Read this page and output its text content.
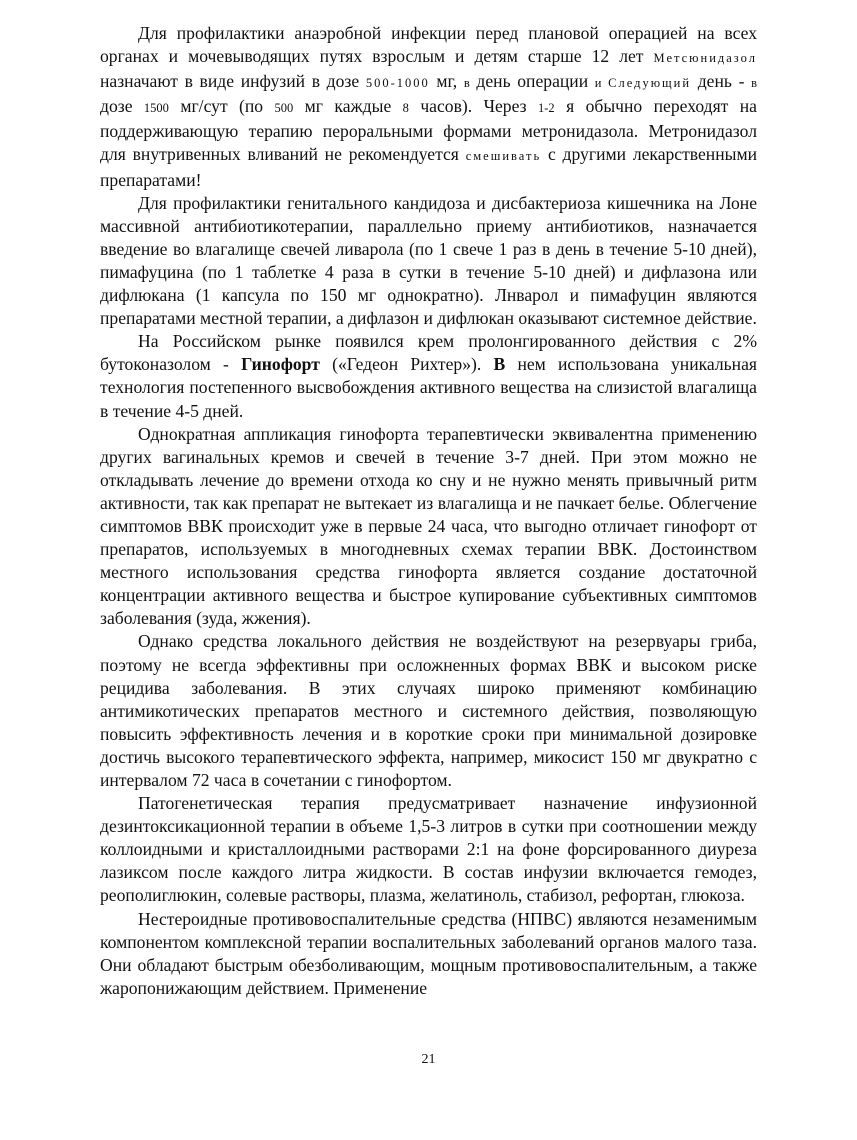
Для профилактики анаэробной инфекции перед плановой операцией на всех органах и мочевыводящих путях взрослым и детям старше 12 лет Метсюнидазол назначают в виде инфузий в дозе 500-1000 мг, в день операции и Следующий день - в дозе 1500 мг/сут (по 500 мг каждые 8 часов). Через 1-2 я обычно переходят на поддерживающую терапию пероральными формами метронидазола. Метронидазол для внутривенных вливаний не рекомендуется смешивать с другими лекарственными препаратами!

Для профилактики генитального кандидоза и дисбактериоза кишечника на Лоне массивной антибиотикотерапии, параллельно приему антибиотиков, назначается введение во влагалище свечей ливарола (по 1 свече 1 раз в день в течение 5-10 дней), пимафуцина (по 1 таблетке 4 раза в сутки в течение 5-10 дней) и дифлазона или дифлюкана (1 капсула по 150 мг однократно). Лнварол и пимафуцин являются препаратами местной терапии, а дифлазон и дифлюкан оказывают системное действие.

На Российском рынке появился крем пролонгированного действия с 2% бутоконазолом - Гинофорт («Гедеон Рихтер»). В нем использована уникальная технология постепенного высвобождения активного вещества на слизистой влагалища в течение 4-5 дней.

Однократная аппликация гинофорта терапевтически эквивалентна применению других вагинальных кремов и свечей в течение 3-7 дней. При этом можно не откладывать лечение до времени отхода ко сну и не нужно менять привычный ритм активности, так как препарат не вытекает из влагалища и не пачкает белье. Облегчение симптомов ВВК происходит уже в первые 24 часа, что выгодно отличает гинофорт от препаратов, используемых в многодневных схемах терапии ВВК. Достоинством местного использования средства гинофорта является создание достаточной концентрации активного вещества и быстрое купирование субъективных симптомов заболевания (зуда, жжения).

Однако средства локального действия не воздействуют на резервуары гриба, поэтому не всегда эффективны при осложненных формах ВВК и высоком риске рецидива заболевания. В этих случаях широко применяют комбинацию антимикотических препаратов местного и системного действия, позволяющую повысить эффективность лечения и в короткие сроки при минимальной дозировке достичь высокого терапевтического эффекта, например, микосист 150 мг двукратно с интервалом 72 часа в сочетании с гинофортом.

Патогенетическая терапия предусматривает назначение инфузионной дезинтоксикационной терапии в объеме 1,5-3 литров в сутки при соотношении между коллоидными и кристаллоидными растворами 2:1 на фоне форсированного диуреза лазиксом после каждого литра жидкости. В состав инфузии включается гемодез, реополиглюкин, солевые растворы, плазма, желатиноль, стабизол, рефортан, глюкоза.

Нестероидные противовоспалительные средства (НПВС) являются незаменимым компонентом комплексной терапии воспалительных заболеваний органов малого таза. Они обладают быстрым обезболивающим, мощным противовоспалительным, а также жаропонижающим действием. Применение

21
